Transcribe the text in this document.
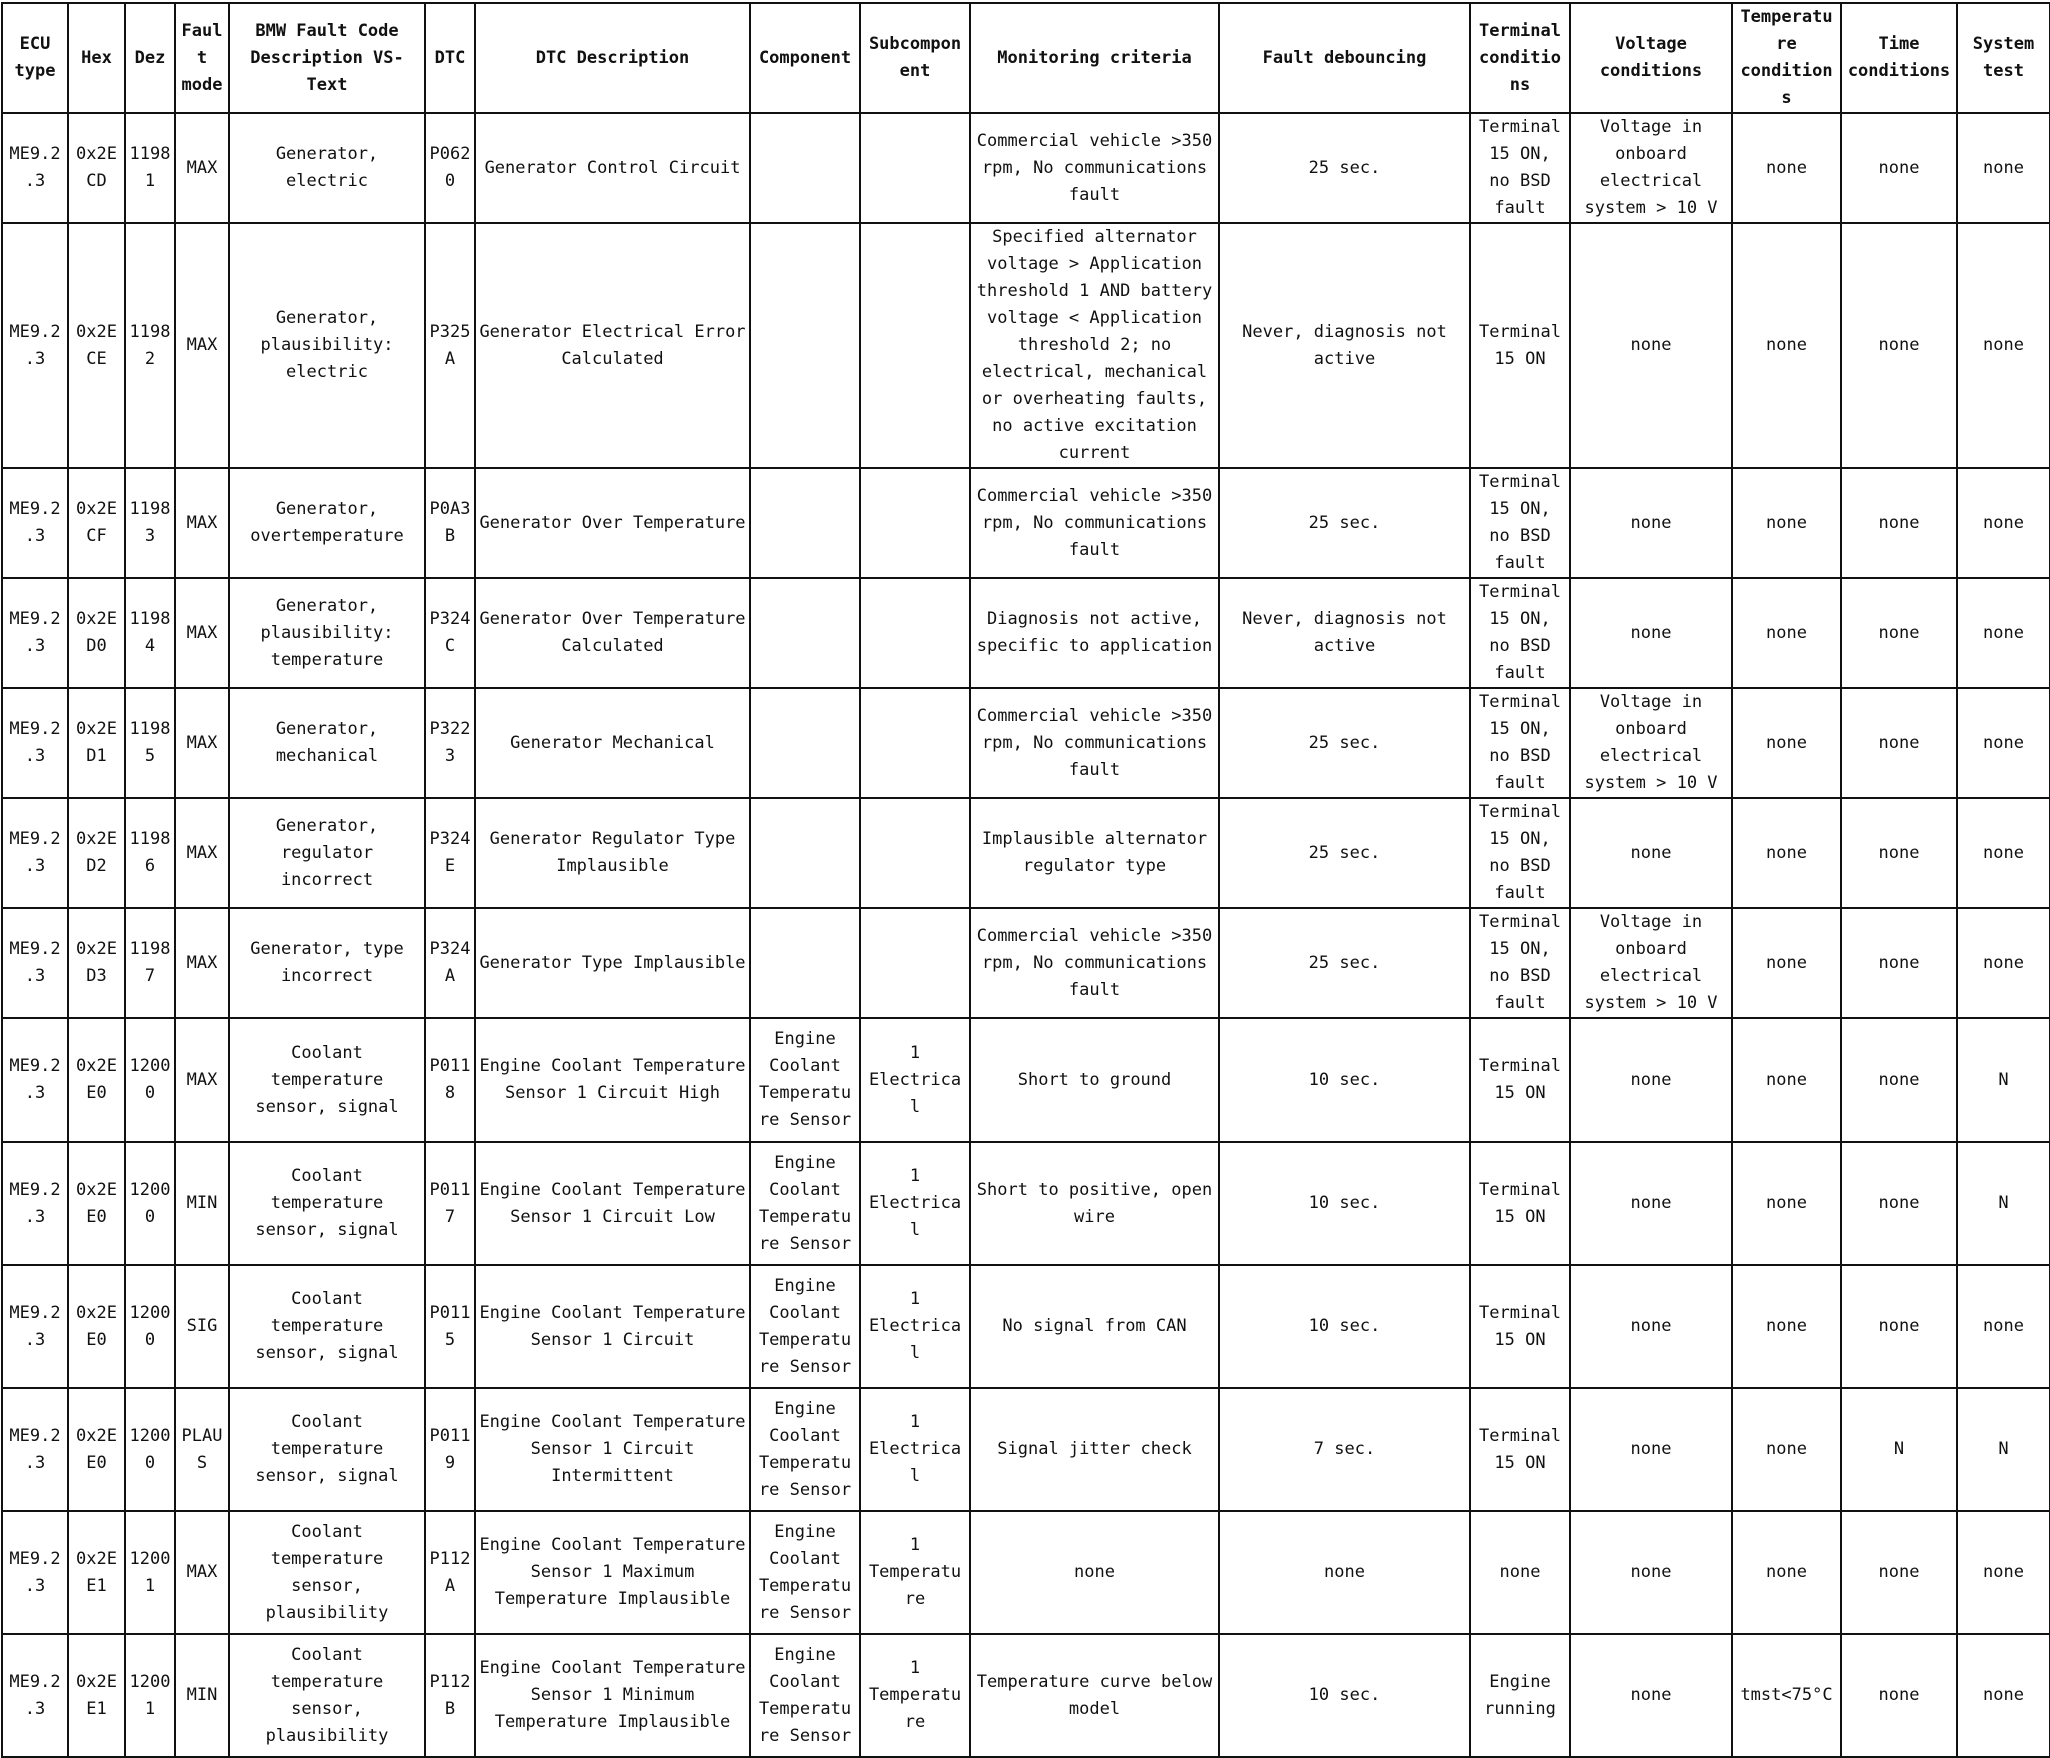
ECU type	Hex	Dez	Fault mode	BMW Fault Code Description VS-Text	DTC	DTC Description	Component	Subcomponent	Monitoring criteria	Fault debouncing	Terminal conditions	Voltage conditions	Temperature conditions	Time conditions	System test
ME9.2.3	0x2ECD	11981	MAX	Generator, electric	P0620	Generator Control Circuit			Commercial vehicle >350 rpm, No communications fault	25 sec.	Terminal 15 ON, no BSD fault	Voltage in onboard electrical system > 10 V	none	none	none
ME9.2.3	0x2ECE	11982	MAX	Generator, plausibility: electric	P325A	Generator Electrical Error Calculated			Specified alternator voltage > Application threshold 1 AND battery voltage < Application threshold 2; no electrical, mechanical or overheating faults, no active excitation current	Never, diagnosis not active	Terminal 15 ON	none	none	none	none
ME9.2.3	0x2ECF	11983	MAX	Generator, overtemperature	P0A3B	Generator Over Temperature			Commercial vehicle >350 rpm, No communications fault	25 sec.	Terminal 15 ON, no BSD fault	none	none	none	none
ME9.2.3	0x2ED0	11984	MAX	Generator, plausibility: temperature	P324C	Generator Over Temperature Calculated			Diagnosis not active, specific to application	Never, diagnosis not active	Terminal 15 ON, no BSD fault	none	none	none	none
ME9.2.3	0x2ED1	11985	MAX	Generator, mechanical	P3223	Generator Mechanical			Commercial vehicle >350 rpm, No communications fault	25 sec.	Terminal 15 ON, no BSD fault	Voltage in onboard electrical system > 10 V	none	none	none
ME9.2.3	0x2ED2	11986	MAX	Generator, regulator incorrect	P324E	Generator Regulator Type Implausible			Implausible alternator regulator type	25 sec.	Terminal 15 ON, no BSD fault	none	none	none	none
ME9.2.3	0x2ED3	11987	MAX	Generator, type incorrect	P324A	Generator Type Implausible			Commercial vehicle >350 rpm, No communications fault	25 sec.	Terminal 15 ON, no BSD fault	Voltage in onboard electrical system > 10 V	none	none	none
ME9.2.3	0x2EE0	12000	MAX	Coolant temperature sensor, signal	P0118	Engine Coolant Temperature Sensor 1 Circuit High	Engine Coolant Temperature Sensor	1 Electrical	Short to ground	10 sec.	Terminal 15 ON	none	none	none	N
ME9.2.3	0x2EE0	12000	MIN	Coolant temperature sensor, signal	P0117	Engine Coolant Temperature Sensor 1 Circuit Low	Engine Coolant Temperature Sensor	1 Electrical	Short to positive, open wire	10 sec.	Terminal 15 ON	none	none	none	N
ME9.2.3	0x2EE0	12000	SIG	Coolant temperature sensor, signal	P0115	Engine Coolant Temperature Sensor 1 Circuit	Engine Coolant Temperature Sensor	1 Electrical	No signal from CAN	10 sec.	Terminal 15 ON	none	none	none	none
ME9.2.3	0x2EE0	12000	PLAUS	Coolant temperature sensor, signal	P0119	Engine Coolant Temperature Sensor 1 Circuit Intermittent	Engine Coolant Temperature Sensor	1 Electrical	Signal jitter check	7 sec.	Terminal 15 ON	none	none	N	N
ME9.2.3	0x2EE1	12001	MAX	Coolant temperature sensor, plausibility	P112A	Engine Coolant Temperature Sensor 1 Maximum Temperature Implausible	Engine Coolant Temperature Sensor	1 Temperature	none	none	none	none	none	none	none
ME9.2.3	0x2EE1	12001	MIN	Coolant temperature sensor, plausibility	P112B	Engine Coolant Temperature Sensor 1 Minimum Temperature Implausible	Engine Coolant Temperature Sensor	1 Temperature	Temperature curve below model	10 sec.	Engine running	none	tmst<75°C	none	none
